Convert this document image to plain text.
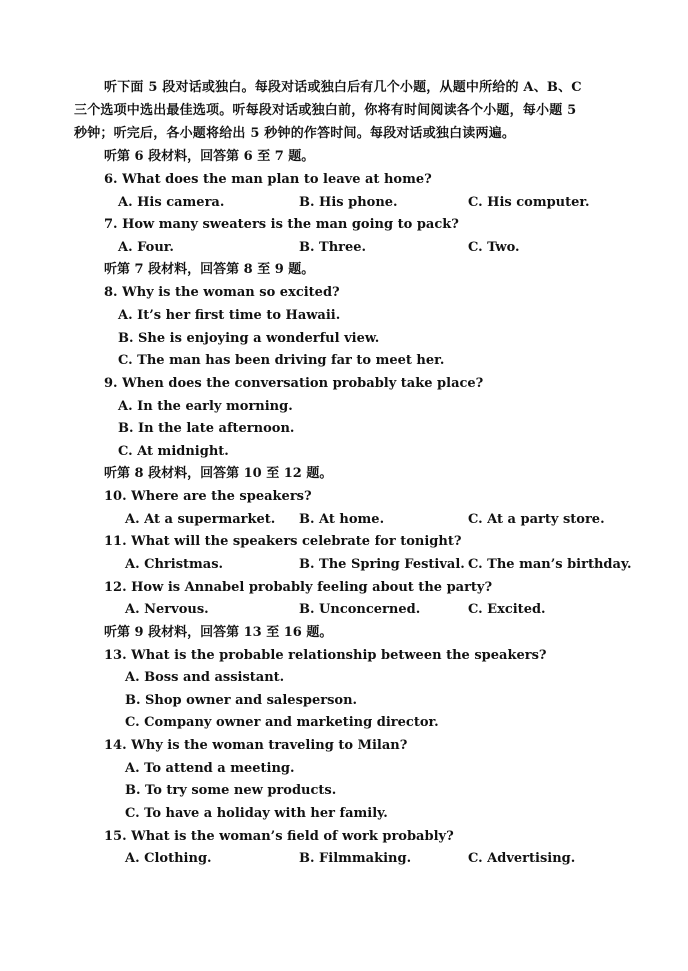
听下面 5 段对话或独白。每段对话或独白后有几个小题，从题中所给的 A、B、C
三个选项中选出最佳选项。听每段对话或独白前，你将有时间阅读各个小题，每小题 5
秒钟；听完后，各小题将给出 5 秒钟的作答时间。每段对话或独白读两遍。
听第 6 段材料，回答第 6 至 7 题。
6. What does the man plan to leave at home?
A. His camera.	B. His phone.	C. His computer.
7. How many sweaters is the man going to pack?
A. Four.	B. Three.	C. Two.
听第 7 段材料，回答第 8 至 9 题。
8. Why is the woman so excited?
A. It’s her first time to Hawaii.
B. She is enjoying a wonderful view.
C. The man has been driving far to meet her.
9. When does the conversation probably take place?
A. In the early morning.
B. In the late afternoon.
C. At midnight.
听第 8 段材料，回答第 10 至 12 题。
10. Where are the speakers?
A. At a supermarket. B. At home.	C. At a party store.
11. What will the speakers celebrate for tonight?
A. Christmas.	B. The Spring Festival. C. The man’s birthday.
12. How is Annabel probably feeling about the party?
A. Nervous.	B. Unconcerned.	C. Excited.
听第 9 段材料，回答第 13 至 16 题。
13. What is the probable relationship between the speakers?
A. Boss and assistant.
B. Shop owner and salesperson.
C. Company owner and marketing director.
14. Why is the woman traveling to Milan?
A. To attend a meeting.
B. To try some new products.
C. To have a holiday with her family.
15. What is the woman’s field of work probably?
A. Clothing.	B. Filmmaking.	C. Advertising.
